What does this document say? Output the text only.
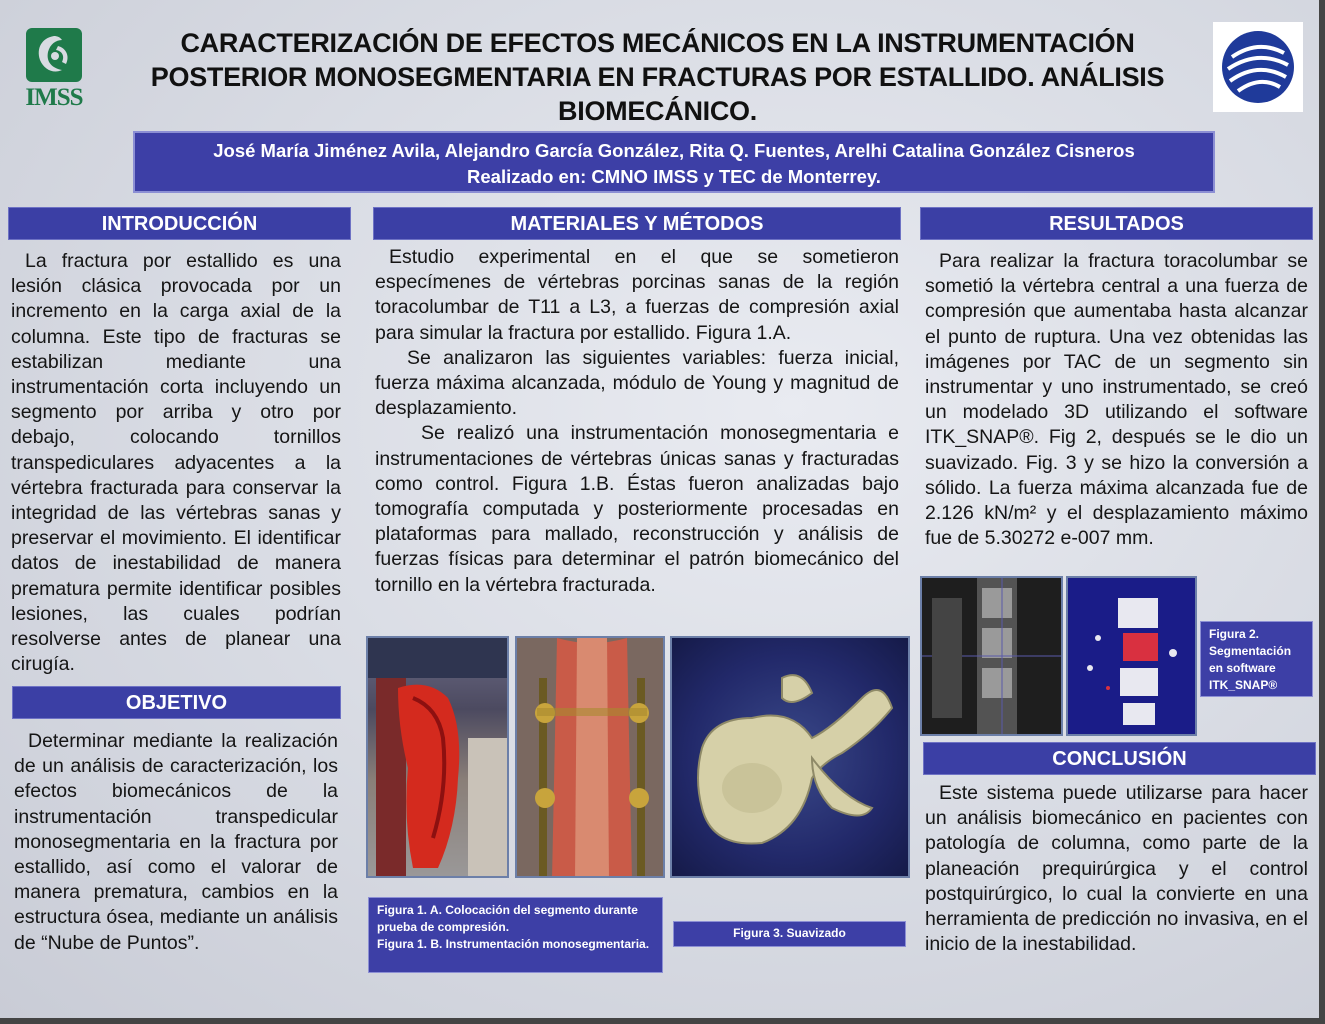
IMSS
CARACTERIZACIÓN DE EFECTOS MECÁNICOS EN LA INSTRUMENTACIÓN POSTERIOR MONOSEGMENTARIA EN FRACTURAS POR ESTALLIDO. ANÁLISIS BIOMECÁNICO.
José María Jiménez Avila, Alejandro García González, Rita Q. Fuentes, Arelhi Catalina González Cisneros
Realizado en: CMNO IMSS y TEC de Monterrey.
INTRODUCCIÓN

La fractura por estallido es una lesión clásica provocada por un incremento en la carga axial de la columna. Este tipo de fracturas se estabilizan mediante una instrumentación corta incluyendo un segmento por arriba y otro por debajo, colocando tornillos transpediculares adyacentes a la vértebra fracturada para conservar la integridad de las vértebras sanas y preservar el movimiento. El identificar datos de inestabilidad de manera prematura permite identificar posibles lesiones, las cuales podrían resolverse antes de planear una cirugía.

OBJETIVO

Determinar mediante la realización de un análisis de caracterización, los efectos biomecánicos de la instrumentación transpedicular monosegmentaria en la fractura por estallido, así como el valorar de manera prematura, cambios en la estructura ósea, mediante un análisis de “Nube de Puntos”.

MATERIALES Y MÉTODOS

Estudio experimental en el que se sometieron especímenes de vértebras porcinas sanas de la región toracolumbar de T11 a L3, a fuerzas de compresión axial para simular la fractura por estallido. Figura 1.A.

Se analizaron las siguientes variables: fuerza inicial, fuerza máxima alcanzada, módulo de Young y magnitud de desplazamiento.

Se realizó una instrumentación monosegmentaria e instrumentaciones de vértebras únicas sanas y fracturadas como control. Figura 1.B. Éstas fueron analizadas bajo tomografía computada y posteriormente procesadas en plataformas para mallado, reconstrucción y análisis de fuerzas físicas para determinar el patrón biomecánico del tornillo en la vértebra fracturada.

Figura 1. A. Colocación del segmento durante prueba de compresión.
Figura 1. B. Instrumentación monosegmentaria.
Figura 3. Suavizado
RESULTADOS

Para realizar la fractura toracolumbar se sometió la vértebra central a una fuerza de compresión que aumentaba hasta alcanzar el punto de ruptura. Una vez obtenidas las imágenes por TAC de un segmento sin instrumentar y uno instrumentado, se creó un modelado 3D utilizando el software ITK_SNAP®. Fig 2, después se le dio un suavizado. Fig. 3 y se hizo la conversión a sólido. La fuerza máxima alcanzada fue de 2.126 kN/m² y el desplazamiento máximo fue de 5.30272 e-007 mm.

Figura 2. Segmentación en software ITK_SNAP®
CONCLUSIÓN

Este sistema puede utilizarse para hacer un análisis biomecánico en pacientes con patología de columna, como parte de la planeación prequirúrgica y el control postquirúrgico, lo cual la convierte en una herramienta de predicción no invasiva, en el inicio de la inestabilidad.
